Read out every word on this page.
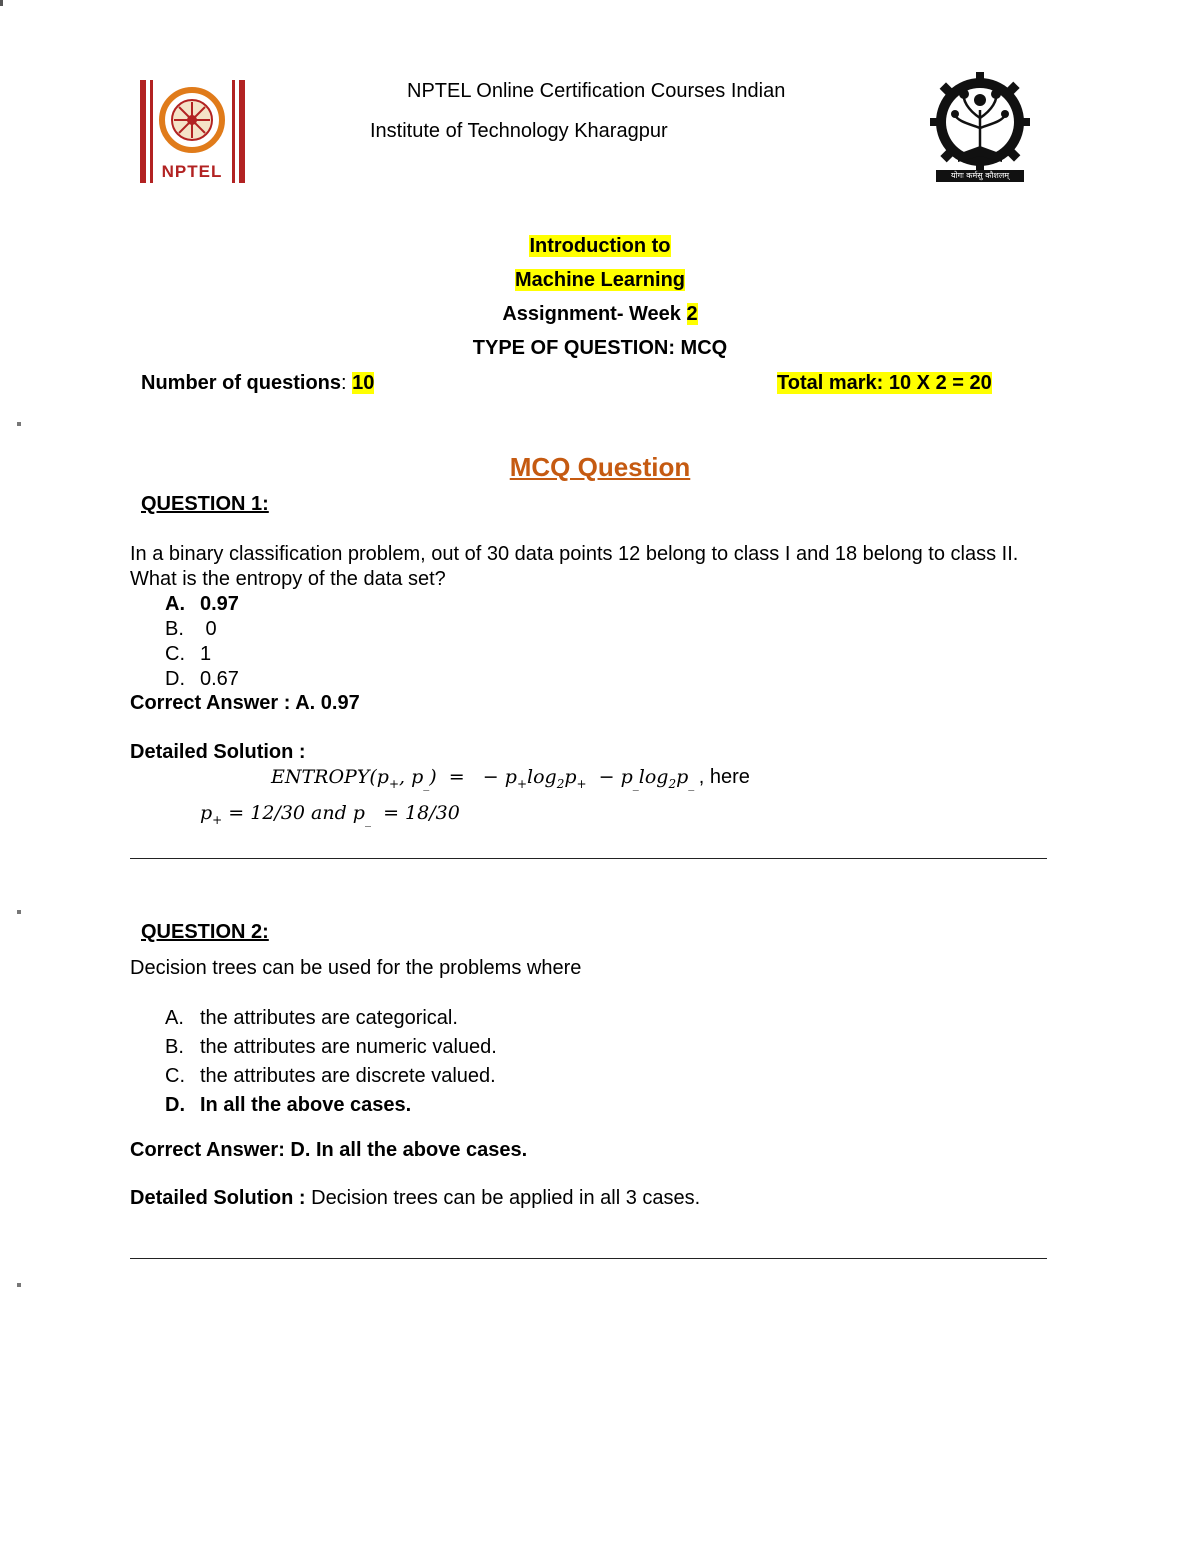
NPTEL
NPTEL Online Certification Courses Indian
Institute of Technology Kharagpur
योगः कर्मसु कौशलम्
Introduction to
Machine Learning
Assignment- Week 2
TYPE OF QUESTION: MCQ
Number of questions: 10	Total mark: 10 X 2 = 20
MCQ Question
QUESTION 1:
In a binary classification problem, out of 30 data points 12 belong to class I and 18 belong to class II. What is the entropy of the data set?
A. 0.97
B. 0
C. 1
D. 0.67
Correct Answer : A. 0.97
Detailed Solution :
$ENTROPY(p_+$, $p_{\_}$)  =   − $p_+\log_2p_+ - p_{\_}\log_2p_{\_}$ , here
$p_+ = 12/30$ and $p_{\_} = 18/30$
QUESTION 2:
Decision trees can be used for the problems where
A. the attributes are categorical.
B. the attributes are numeric valued.
C. the attributes are discrete valued.
D. In all the above cases.
Correct Answer: D. In all the above cases.
Detailed Solution : Decision trees can be applied in all 3 cases.
